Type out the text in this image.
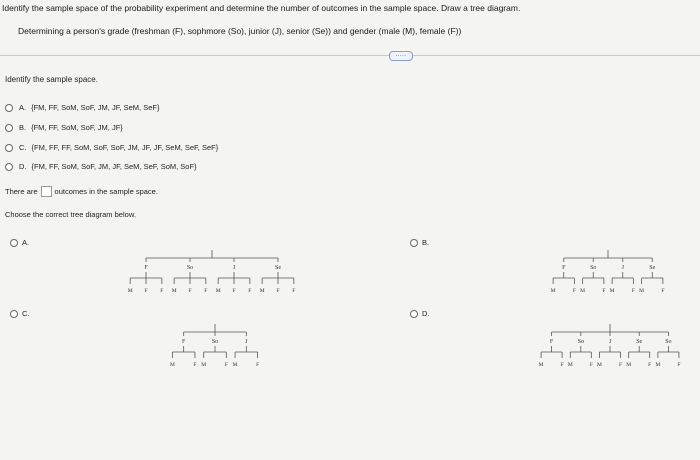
Identify the sample space of the probability experiment and determine the number of outcomes in the sample space. Draw a tree diagram.
Determining a person's grade (freshman (F), sophmore (So), junior (J), senior (Se)) and gender (male (M), female (F))
.....
Identify the sample space.
A. {FM, FF, SoM, SoF, JM, JF, SeM, SeF}
B. {FM, FF, SoM, SoF, JM, JF}
C. {FM, FF, FF, SoM, SoF, SoF, JM, JF, JF, SeM, SeF, SeF}
D. {FM, FF, SoM, SoF, JM, JF, SeM, SeF, SoM, SoF}
There are outcomes in the sample space.
Choose the correct tree diagram below.
A.	B.
C.	D.
F
M F F
So
M F F
J
M F F
Se
M F F
F
M	F
So
M	F
J
M	F
Se
M	F
F
M	F
So
M	F
J
M	F
F
M	F
So
M	F
J
M	F
Se
M	F
So
M	F
